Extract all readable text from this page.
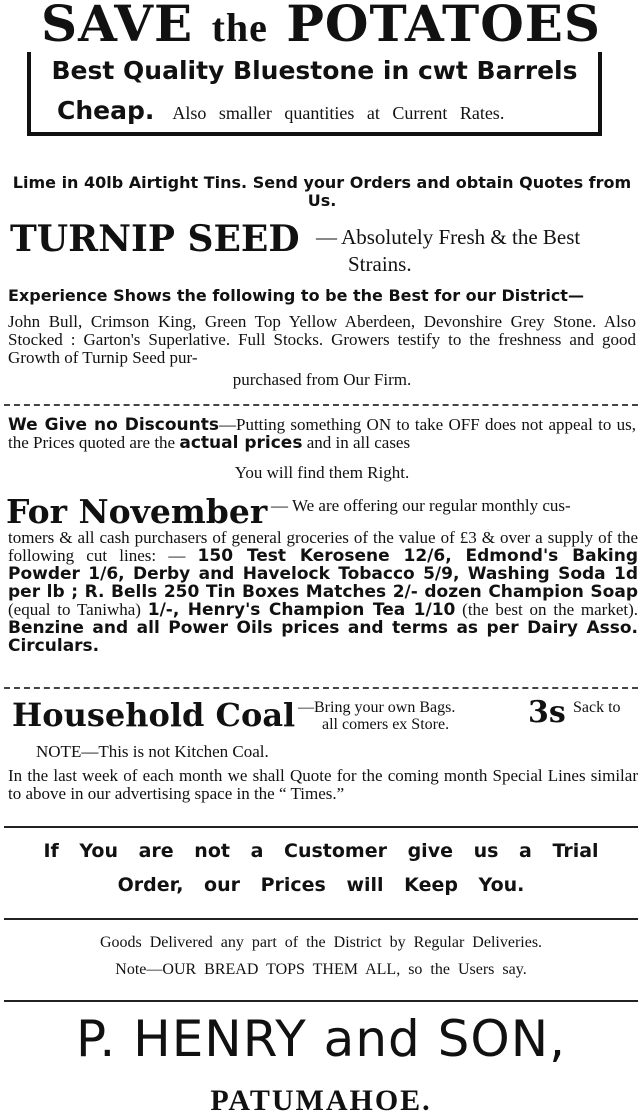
SAVE the POTATOES
Best Quality Bluestone in cwt Barrels
Cheap. Also smaller quantities at Current Rates.
Lime in 40lb Airtight Tins. Send your Orders and obtain Quotes from Us.
TURNIP SEED — Absolutely Fresh & the Best
Strains.
Experience Shows the following to be the Best for our District—
John Bull, Crimson King, Green Top Yellow Aberdeen, Devonshire Grey Stone. Also Stocked : Garton's Superlative. Full Stocks. Growers testify to the freshness and good Growth of Turnip Seed pur-
purchased from Our Firm.
We Give no Discounts—Putting something ON to take OFF does not appeal to us, the Prices quoted are the actual prices and in all cases
You will find them Right.
For November — We are offering our regular monthly cus-
tomers & all cash purchasers of general groceries of the value of £3 & over a supply of the following cut lines: — 150 Test Kerosene 12/6, Edmond's Baking Powder 1/6, Derby and Havelock Tobacco 5/9, Washing Soda 1d per lb ; R. Bells 250 Tin Boxes Matches 2/- dozen Champion Soap (equal to Taniwha) 1/-, Henry's Champion Tea 1/10 (the best on the market). Benzine and all Power Oils prices and terms as per Dairy Asso. Circulars.
Household Coal —Bring your own Bags.
all comers ex Store.	3s Sack to
NOTE—This is not Kitchen Coal.
In the last week of each month we shall Quote for the coming month Special Lines similar to above in our advertising space in the “ Times.”
If You are not a Customer give us a Trial
Order, our Prices will Keep You.
Goods Delivered any part of the District by Regular Deliveries.
Note—OUR BREAD TOPS THEM ALL, so the Users say.
P. HENRY and SON,
PATUMAHOE.
